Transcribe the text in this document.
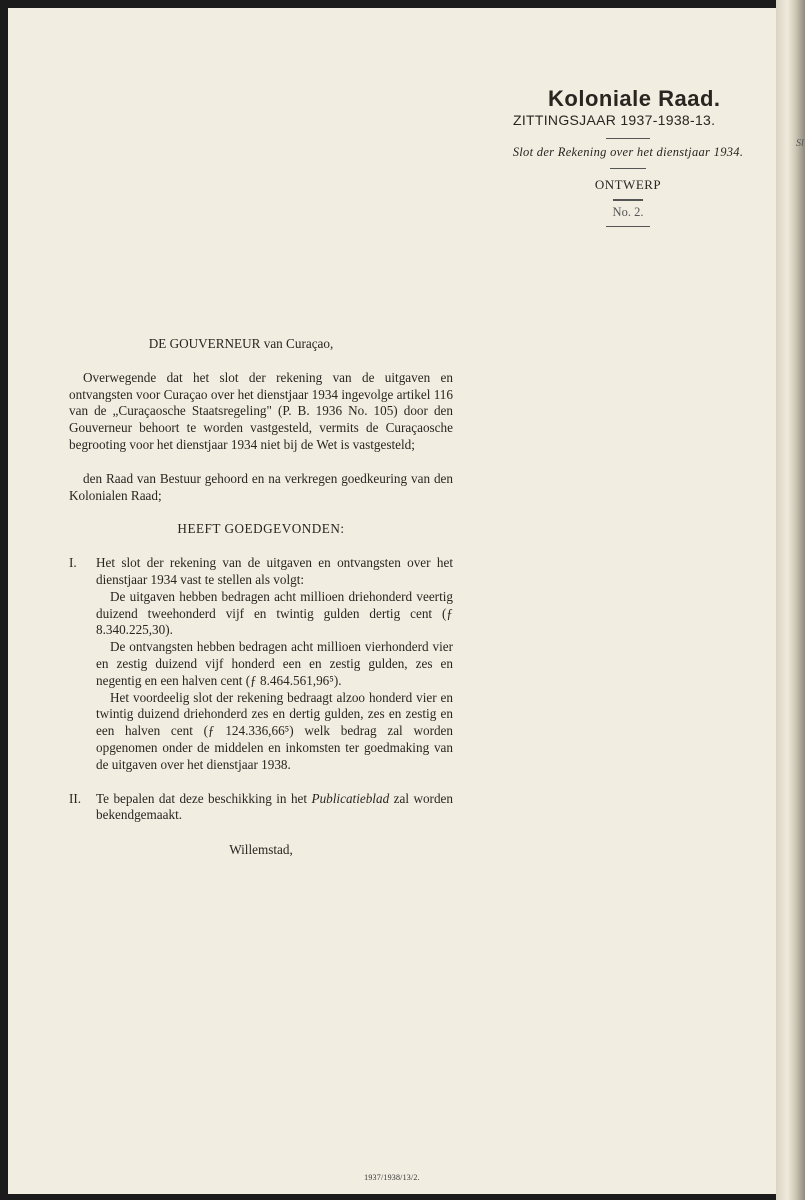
Koloniale Raad.
ZITTINGSJAAR 1937-1938-13.
Slot der Rekening over het dienstjaar 1934.
ONTWERP
No. 2.

DE GOUVERNEUR van Curaçao,

Overwegende dat het slot der rekening van de uitgaven en ontvangsten voor Curaçao over het dienstjaar 1934 ingevolge artikel 116 van de „Curaçaosche Staatsregeling" (P. B. 1936 No. 105) door den Gouverneur behoort te worden vastgesteld, vermits de Curaçaosche begrooting voor het dienstjaar 1934 niet bij de Wet is vastgesteld;

den Raad van Bestuur gehoord en na verkregen goedkeuring van den Kolonialen Raad;

HEEFT GOEDGEVONDEN:

I.	Het slot der rekening van de uitgaven en ontvangsten over het dienstjaar 1934 vast te stellen als volgt:

De uitgaven hebben bedragen acht millioen driehonderd veertig duizend tweehonderd vijf en twintig gulden dertig cent (ƒ 8.340.225,30).

De ontvangsten hebben bedragen acht millioen vierhonderd vier en zestig duizend vijf honderd een en zestig gulden, zes en negentig en een halven cent (ƒ 8.464.561,96⁵).

Het voordeelig slot der rekening bedraagt alzoo honderd vier en twintig duizend driehonderd zes en dertig gulden, zes en zestig en een halven cent (ƒ 124.336,66⁵) welk bedrag zal worden opgenomen onder de middelen en inkomsten ter goedmaking van de uitgaven over het dienstjaar 1938.

II.	Te bepalen dat deze beschikking in het Publicatieblad zal worden bekendgemaakt.

Willemstad,

1937/1938/13/2.
Sl
